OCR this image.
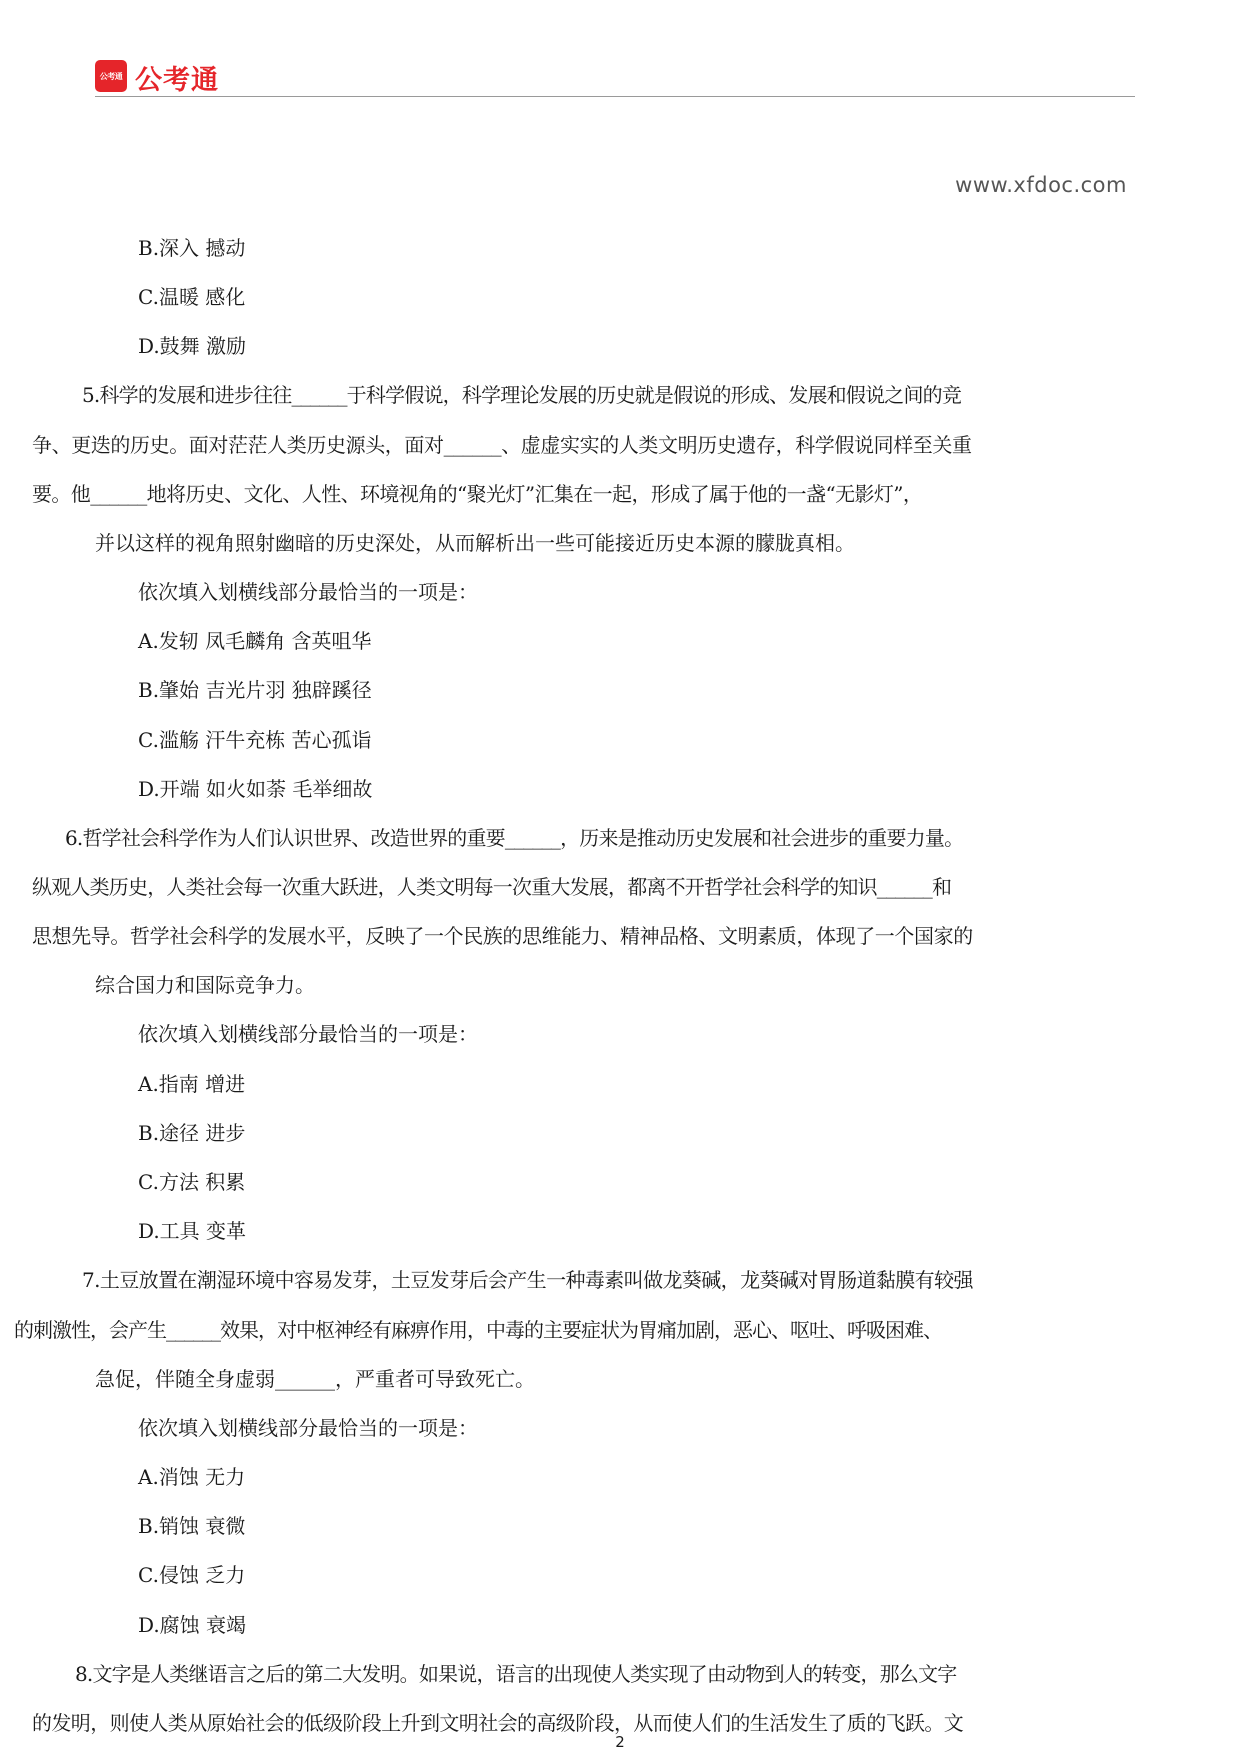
公考通 公考通
www.xfdoc.com
B.深入 撼动
C.温暖 感化
D.鼓舞 激励
5.科学的发展和进步往往______于科学假说，科学理论发展的历史就是假说的形成、发展和假说之间的竞
争、更迭的历史。面对茫茫人类历史源头，面对______、虚虚实实的人类文明历史遗存，科学假说同样至关重
要。他______地将历史、文化、人性、环境视角的“聚光灯”汇集在一起，形成了属于他的一盏“无影灯”，
并以这样的视角照射幽暗的历史深处，从而解析出一些可能接近历史本源的朦胧真相。
依次填入划横线部分最恰当的一项是：
A.发轫 凤毛麟角 含英咀华
B.肇始 吉光片羽 独辟蹊径
C.滥觞 汗牛充栋 苦心孤诣
D.开端 如火如荼 毛举细故
6.哲学社会科学作为人们认识世界、改造世界的重要______，历来是推动历史发展和社会进步的重要力量。
纵观人类历史，人类社会每一次重大跃进，人类文明每一次重大发展，都离不开哲学社会科学的知识______和
思想先导。哲学社会科学的发展水平，反映了一个民族的思维能力、精神品格、文明素质，体现了一个国家的
综合国力和国际竞争力。
依次填入划横线部分最恰当的一项是：
A.指南 增进
B.途径 进步
C.方法 积累
D.工具 变革
7.土豆放置在潮湿环境中容易发芽，土豆发芽后会产生一种毒素叫做龙葵碱，龙葵碱对胃肠道黏膜有较强
的刺激性，会产生______效果，对中枢神经有麻痹作用，中毒的主要症状为胃痛加剧，恶心、呕吐、呼吸困难、
急促，伴随全身虚弱______，严重者可导致死亡。
依次填入划横线部分最恰当的一项是：
A.消蚀 无力
B.销蚀 衰微
C.侵蚀 乏力
D.腐蚀 衰竭
8.文字是人类继语言之后的第二大发明。如果说，语言的出现使人类实现了由动物到人的转变，那么文字
的发明，则使人类从原始社会的低级阶段上升到文明社会的高级阶段，从而使人们的生活发生了质的飞跃。文
2
